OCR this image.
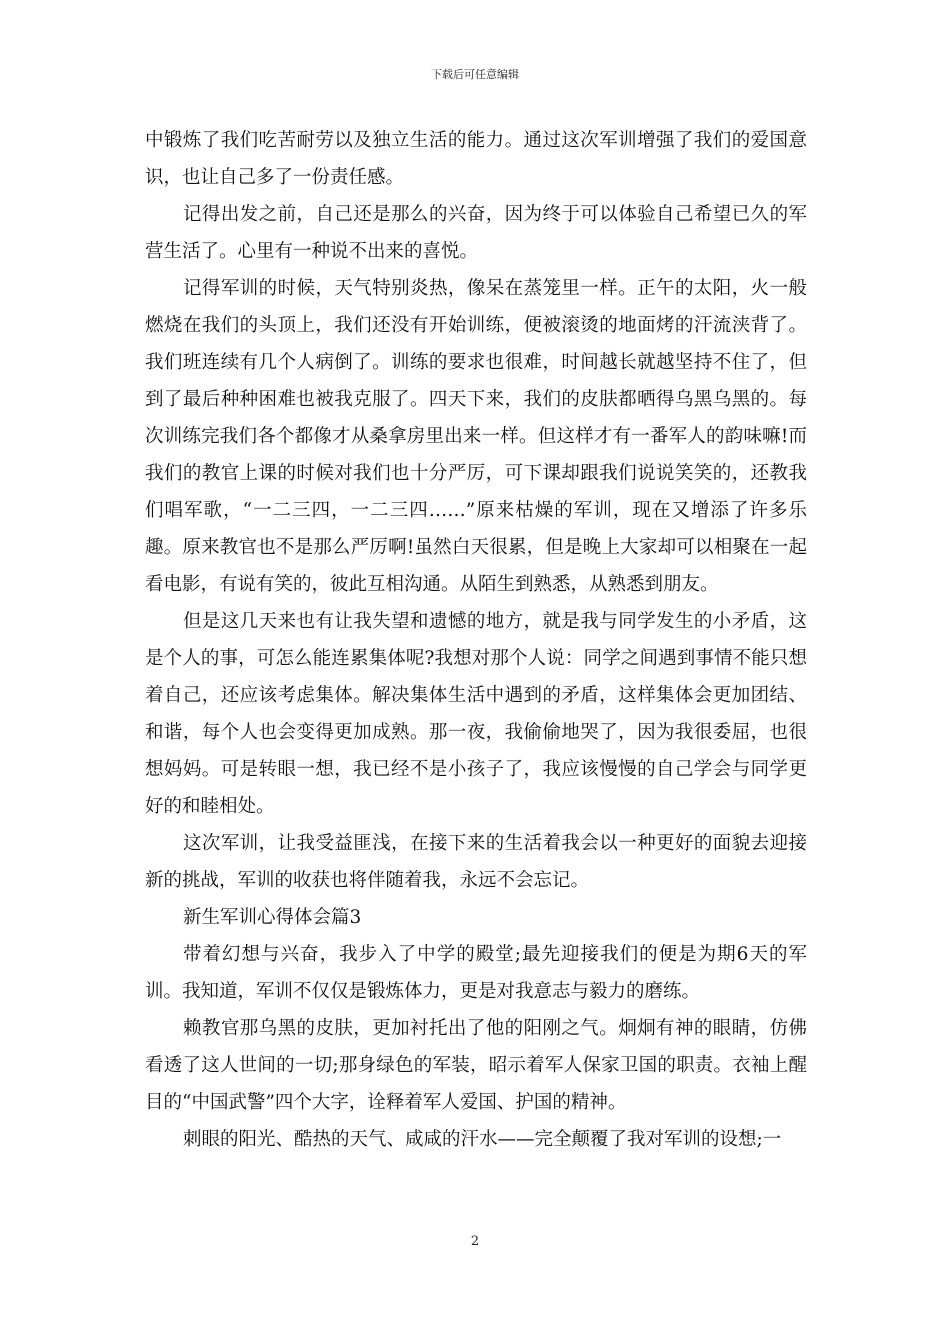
下载后可任意编辑

中锻炼了我们吃苦耐劳以及独立生活的能力。通过这次军训增强了我们的爱国意识，也让自己多了一份责任感。

记得出发之前，自己还是那么的兴奋，因为终于可以体验自己希望已久的军营生活了。心里有一种说不出来的喜悦。

记得军训的时候，天气特别炎热，像呆在蒸笼里一样。正午的太阳，火一般燃烧在我们的头顶上，我们还没有开始训练，便被滚烫的地面烤的汗流浃背了。我们班连续有几个人病倒了。训练的要求也很难，时间越长就越坚持不住了，但到了最后种种困难也被我克服了。四天下来，我们的皮肤都晒得乌黑乌黑的。每次训练完我们各个都像才从桑拿房里出来一样。但这样才有一番军人的韵味嘛!而我们的教官上课的时候对我们也十分严厉，可下课却跟我们说说笑笑的，还教我们唱军歌，“一二三四，一二三四……”原来枯燥的军训，现在又增添了许多乐趣。原来教官也不是那么严厉啊!虽然白天很累，但是晚上大家却可以相聚在一起看电影，有说有笑的，彼此互相沟通。从陌生到熟悉，从熟悉到朋友。

但是这几天来也有让我失望和遗憾的地方，就是我与同学发生的小矛盾，这是个人的事，可怎么能连累集体呢?我想对那个人说：同学之间遇到事情不能只想着自己，还应该考虑集体。解决集体生活中遇到的矛盾，这样集体会更加团结、和谐，每个人也会变得更加成熟。那一夜，我偷偷地哭了，因为我很委屈，也很想妈妈。可是转眼一想，我已经不是小孩子了，我应该慢慢的自己学会与同学更好的和睦相处。

这次军训，让我受益匪浅，在接下来的生活着我会以一种更好的面貌去迎接新的挑战，军训的收获也将伴随着我，永远不会忘记。

新生军训心得体会篇3

带着幻想与兴奋，我步入了中学的殿堂;最先迎接我们的便是为期6天的军训。我知道，军训不仅仅是锻炼体力，更是对我意志与毅力的磨练。

赖教官那乌黑的皮肤，更加衬托出了他的阳刚之气。炯炯有神的眼睛，仿佛看透了这人世间的一切;那身绿色的军装，昭示着军人保家卫国的职责。衣袖上醒目的“中国武警”四个大字，诠释着军人爱国、护国的精神。

刺眼的阳光、酷热的天气、咸咸的汗水——完全颠覆了我对军训的设想;一

2
